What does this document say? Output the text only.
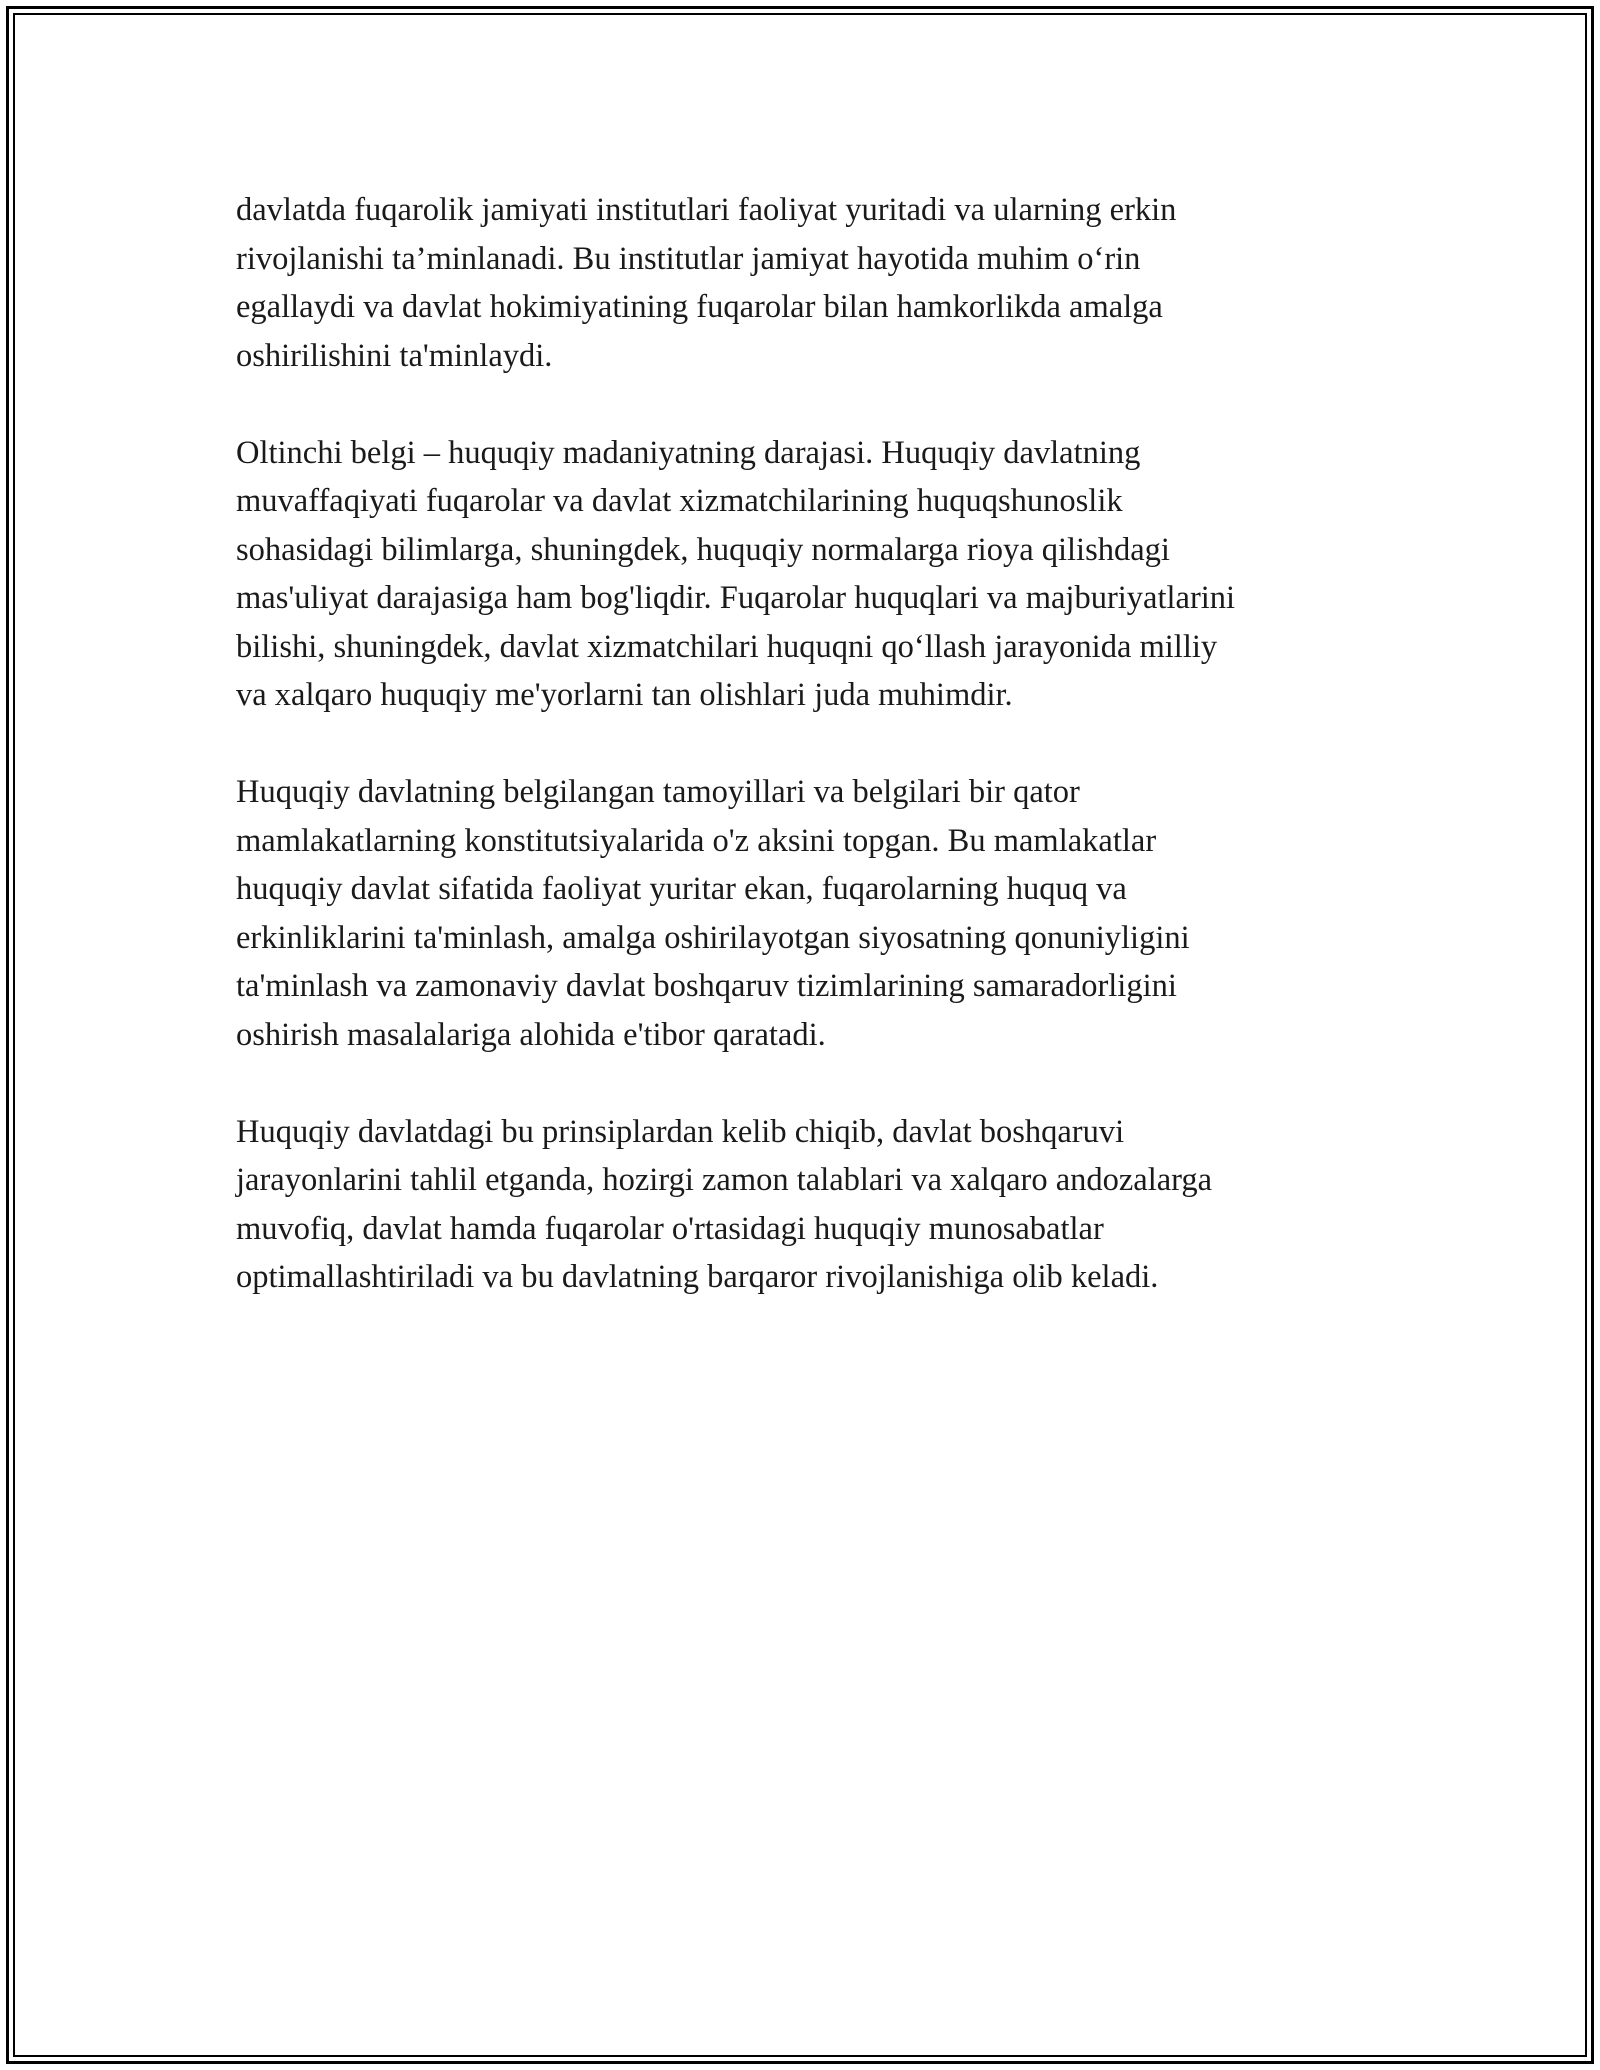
davlatda fuqarolik jamiyati institutlari faoliyat yuritadi va ularning erkin
rivojlanishi ta’minlanadi. Bu institutlar jamiyat hayotida muhim o‘rin
egallaydi va davlat hokimiyatining fuqarolar bilan hamkorlikda amalga
oshirilishini ta'minlaydi.

Oltinchi belgi – huquqiy madaniyatning darajasi. Huquqiy davlatning
muvaffaqiyati fuqarolar va davlat xizmatchilarining huquqshunoslik
sohasidagi bilimlarga, shuningdek, huquqiy normalarga rioya qilishdagi
mas'uliyat darajasiga ham bog'liqdir. Fuqarolar huquqlari va majburiyatlarini
bilishi, shuningdek, davlat xizmatchilari huquqni qo‘llash jarayonida milliy
va xalqaro huquqiy me'yorlarni tan olishlari juda muhimdir.

Huquqiy davlatning belgilangan tamoyillari va belgilari bir qator
mamlakatlarning konstitutsiyalarida o'z aksini topgan. Bu mamlakatlar
huquqiy davlat sifatida faoliyat yuritar ekan, fuqarolarning huquq va
erkinliklarini ta'minlash, amalga oshirilayotgan siyosatning qonuniyligini
ta'minlash va zamonaviy davlat boshqaruv tizimlarining samaradorligini
oshirish masalalariga alohida e'tibor qaratadi.

Huquqiy davlatdagi bu prinsiplardan kelib chiqib, davlat boshqaruvi
jarayonlarini tahlil etganda, hozirgi zamon talablari va xalqaro andozalarga
muvofiq, davlat hamda fuqarolar o'rtasidagi huquqiy munosabatlar
optimallashtiriladi va bu davlatning barqaror rivojlanishiga olib keladi.
